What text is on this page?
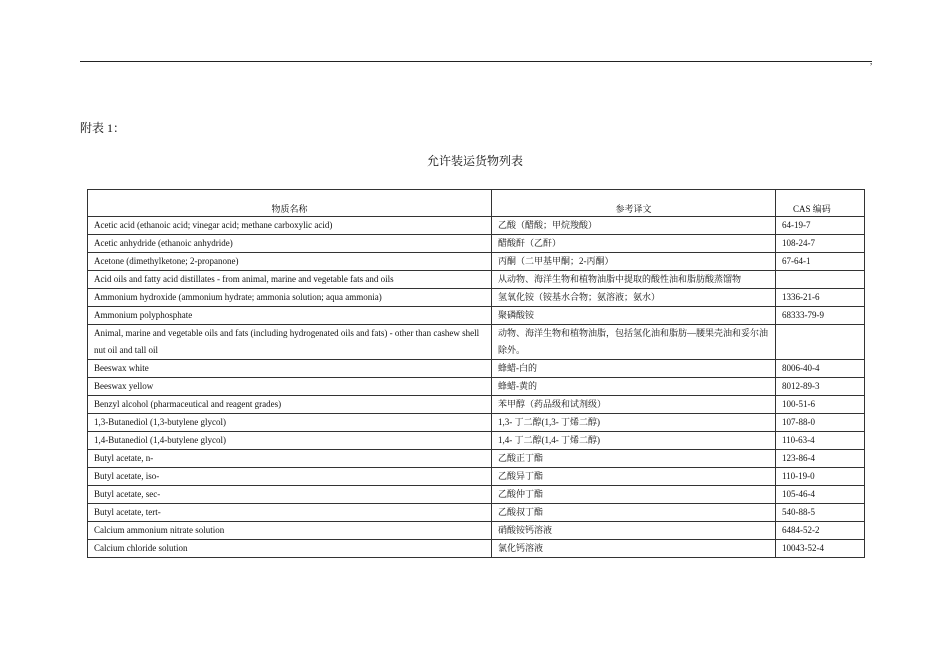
,
附表 1：
允许装运货物列表
物质名称	参考译文	CAS 编码
Acetic acid (ethanoic acid; vinegar acid; methane carboxylic acid)	乙酸（醋酸；甲烷羧酸）	64-19-7
Acetic anhydride (ethanoic anhydride)	醋酸酐（乙酐）	108-24-7
Acetone (dimethylketone; 2-propanone)	丙酮（二甲基甲酮；2-丙酮）	67-64-1
Acid oils and fatty acid distillates - from animal, marine and vegetable fats and oils	从动物、海洋生物和植物油脂中提取的酸性油和脂肪酸蒸馏物	
Ammonium hydroxide (ammonium hydrate; ammonia solution; aqua ammonia)	氢氧化铵（铵基水合物；氨溶液；氨水）	1336-21-6
Ammonium polyphosphate	聚磷酸铵	68333-79-9
Animal, marine and vegetable oils and fats (including hydrogenated oils and fats) - other than cashew shell nut oil and tall oil	动物、海洋生物和植物油脂，包括氢化油和脂肪—腰果壳油和妥尔油除外。	
Beeswax white	蜂蜡-白的	8006-40-4
Beeswax yellow	蜂蜡-黄的	8012-89-3
Benzyl alcohol (pharmaceutical and reagent grades)	苯甲醇（药品级和试剂级）	100-51-6
1,3-Butanediol (1,3-butylene glycol)	1,3- 丁二醇(1,3- 丁烯二醇)	107-88-0
1,4-Butanediol (1,4-butylene glycol)	1,4- 丁二醇(1,4- 丁烯二醇)	110-63-4
Butyl acetate, n-	乙酸正丁酯	123-86-4
Butyl acetate, iso-	乙酸异丁酯	110-19-0
Butyl acetate, sec-	乙酸仲丁酯	105-46-4
Butyl acetate, tert-	乙酸叔丁酯	540-88-5
Calcium ammonium nitrate solution	硝酸铵钙溶液	6484-52-2
Calcium chloride solution	氯化钙溶液	10043-52-4
